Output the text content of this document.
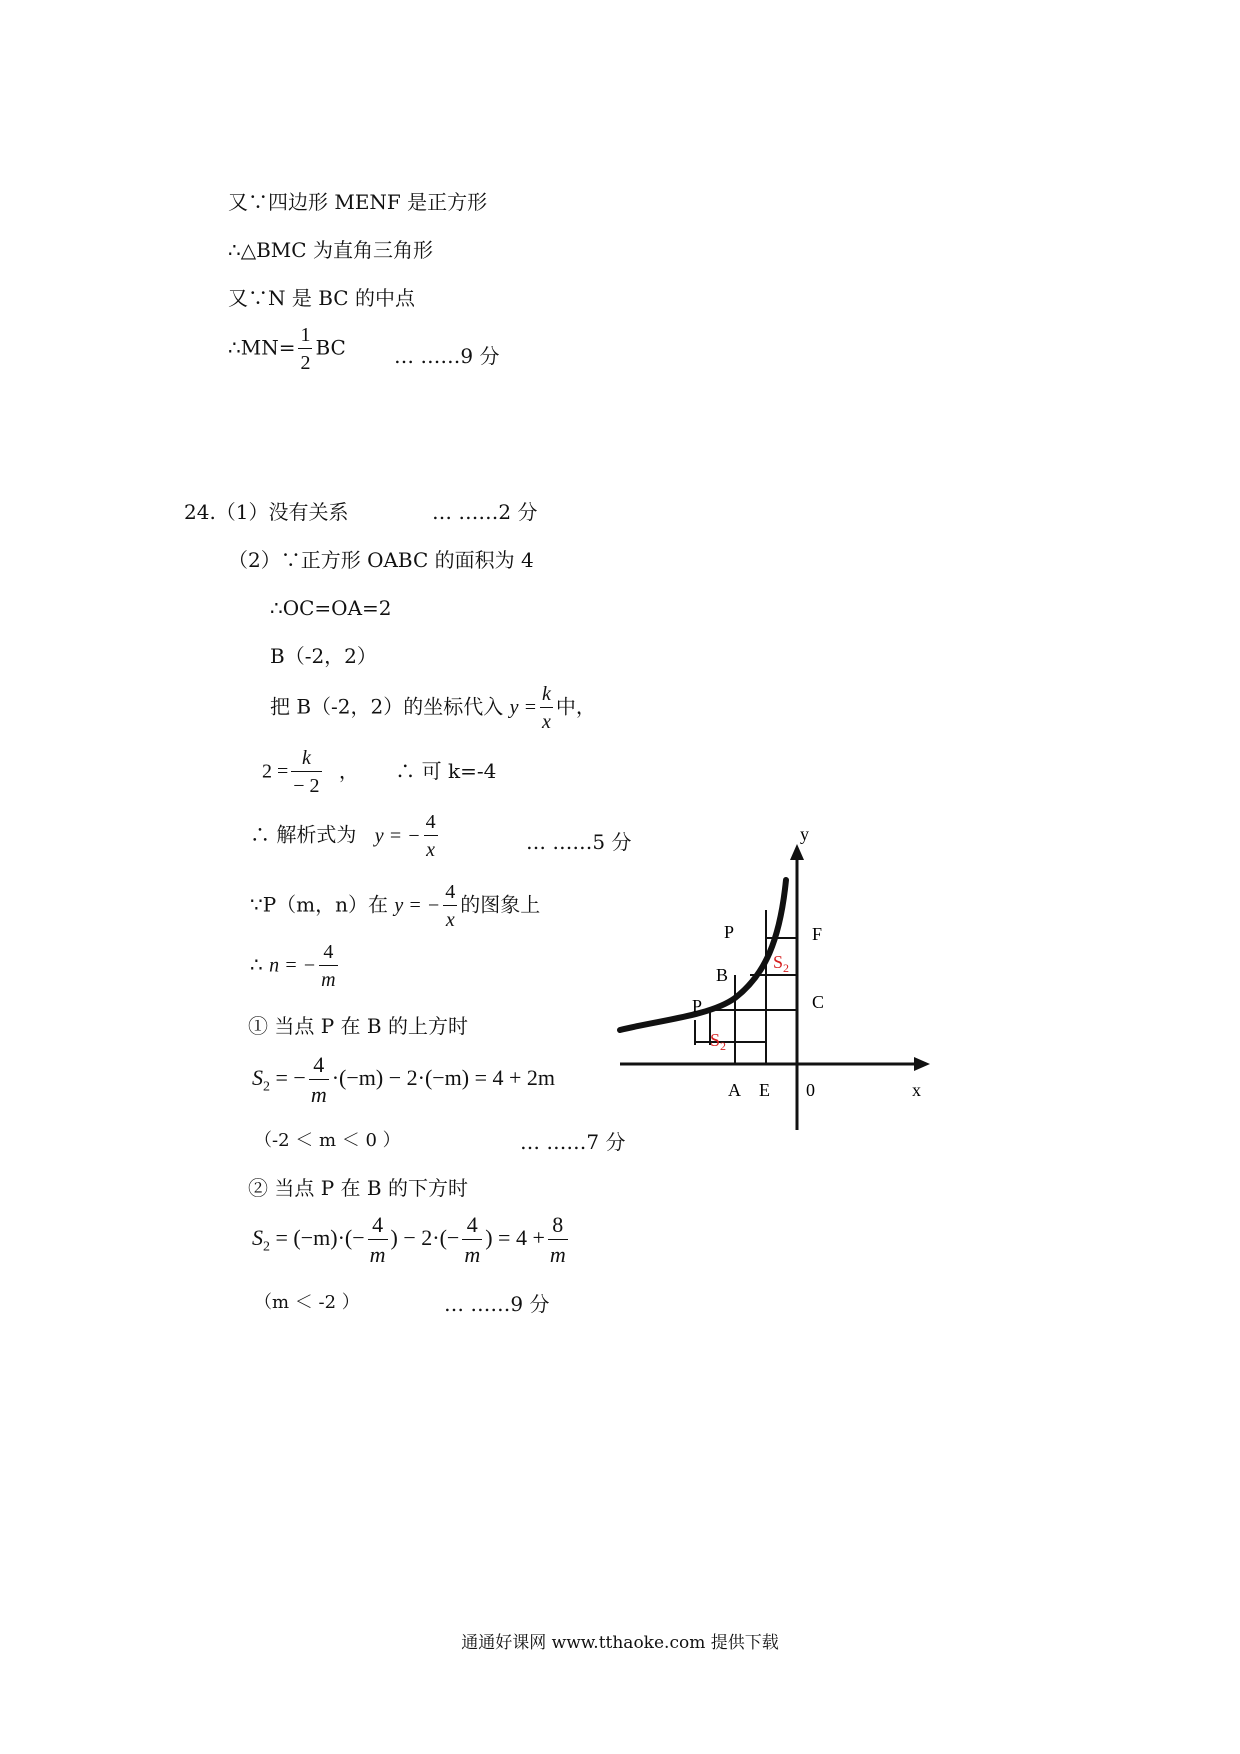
又∵四边形 MENF 是正方形
∴△BMC 为直角三角形
又∵N 是 BC 的中点
∴MN= $\frac{1}{2}$ BC … ……9 分
24.（1）没有关系	… ……2 分
（2）∵正方形 OABC 的面积为 4
∴OC=OA=2
B（-2，2）
把 B（-2，2）的坐标代入 $y = \frac{k}{x}$ 中，
$2 = \frac{k}{- 2}$ ， ∴ 可 k=-4
∴ 解析式为 y = − $\frac{4}{x}$	… ……5 分
∵P（m，n）在 y = − $\frac{4}{x}$ 的图象上
∴ n = − $\frac{4}{m}$
① 当点 P 在 B 的上方时
$S_2$ = − $\frac{4}{m} \cdot(-m) - 2\cdot(-m) = 4 + 2m$
（-2 ＜ m ＜ 0 ）	… ……7 分
② 当点 P 在 B 的下方时
$S_2 = (-m)\cdot(- \frac{4}{m}$ ) − $2\cdot(- \frac{4}{m}$ ) = $4 + \frac{8}{m}$
（m ＜ -2 ）	… ……9 分
y
x
P
B
P
F
C
A E 0
$S_2$
$S_2$
通通好课网 www.tthaoke.com 提供下载
